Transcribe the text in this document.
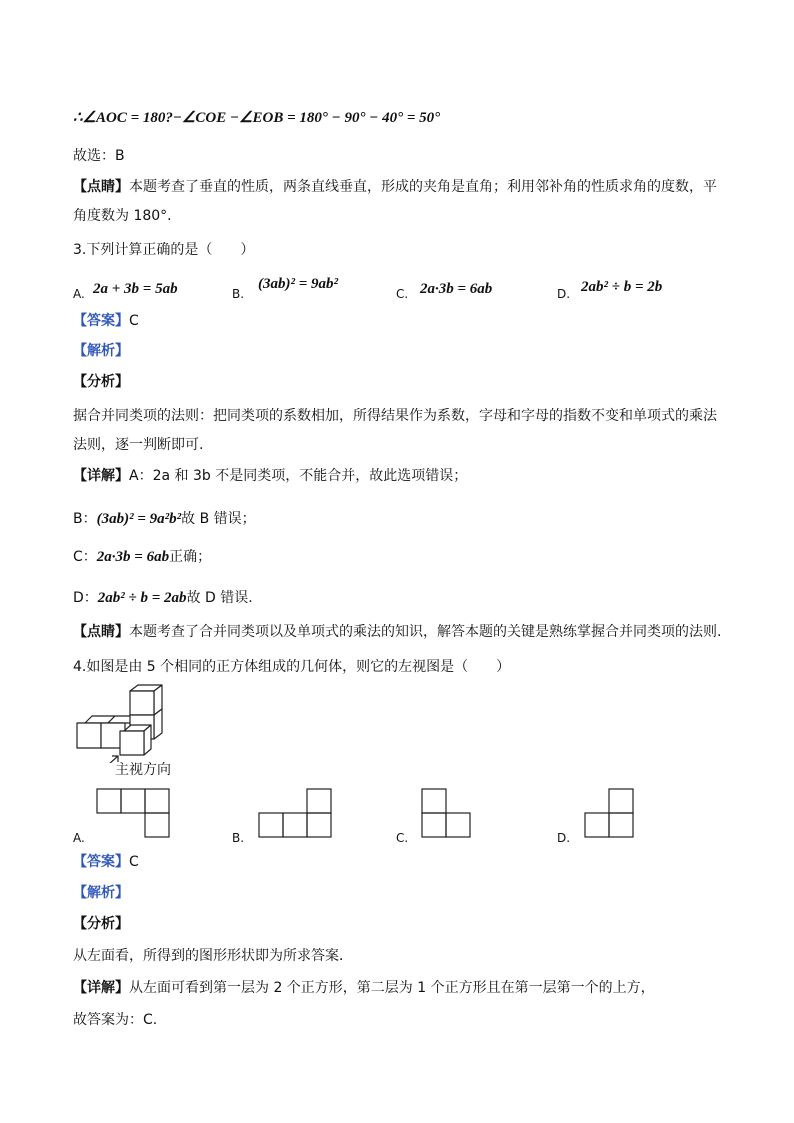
∴∠AOC = 180?−∠COE −∠EOB = 180° − 90° − 40° = 50°
故选：B
【点睛】本题考查了垂直的性质，两条直线垂直，形成的夹角是直角；利用邻补角的性质求角的度数，平
角度数为 180°．
3.下列计算正确的是（　　）
A. 2a + 3b = 5ab	B.
(3ab)² = 9ab²
C. 2a·3b = 6ab	D. 2ab² ÷ b = 2b
【答案】C
【解析】
【分析】
据合并同类项的法则：把同类项的系数相加，所得结果作为系数，字母和字母的指数不变和单项式的乘法
法则，逐一判断即可.
【详解】A：2a 和 3b 不是同类项，不能合并，故此选项错误；
B：(3ab)² = 9a²b²故 B 错误；
C：2a·3b = 6ab正确；
D：2ab² ÷ b = 2ab故 D 错误.
【点睛】本题考查了合并同类项以及单项式的乘法的知识，解答本题的关键是熟练掌握合并同类项的法则.
4.如图是由 5 个相同的正方体组成的几何体，则它的左视图是（　　）
主视方向
A.	B.	C.	D.
【答案】C
【解析】
【分析】
从左面看，所得到的图形形状即为所求答案．
【详解】从左面可看到第一层为 2 个正方形，第二层为 1 个正方形且在第一层第一个的上方，
故答案为：C.
